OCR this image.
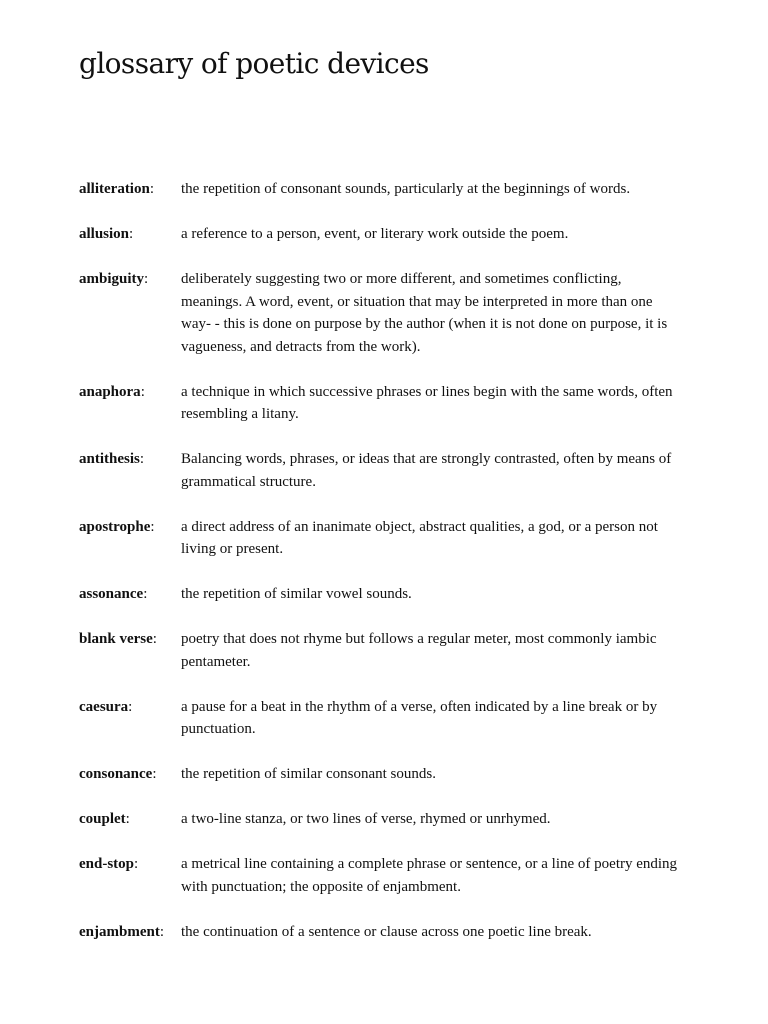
glossary of poetic devices
alliteration: the repetition of consonant sounds, particularly at the beginnings of words.
allusion:	a reference to a person, event, or literary work outside the poem.
ambiguity: deliberately suggesting two or more different, and sometimes conflicting, meanings. A word, event, or situation that may be interpreted in more than one way- - this is done on purpose by the author (when it is not done on purpose, it is vagueness, and detracts from the work).
anaphora: a technique in which successive phrases or lines begin with the same words, often resembling a litany.
antithesis: Balancing words, phrases, or ideas that are strongly contrasted, often by means of grammatical structure.
apostrophe: a direct address of an inanimate object, abstract qualities, a god, or a person not living or present.
assonance: the repetition of similar vowel sounds.
blank verse: poetry that does not rhyme but follows a regular meter, most commonly iambic pentameter.
caesura:	a pause for a beat in the rhythm of a verse, often indicated by a line break or by punctuation.
consonance: the repetition of similar consonant sounds.
couplet:	a two-line stanza, or two lines of verse, rhymed or unrhymed.
end-stop:	a metrical line containing a complete phrase or sentence, or a line of poetry ending with punctuation; the opposite of enjambment.
enjambment: the continuation of a sentence or clause across one poetic line break.
